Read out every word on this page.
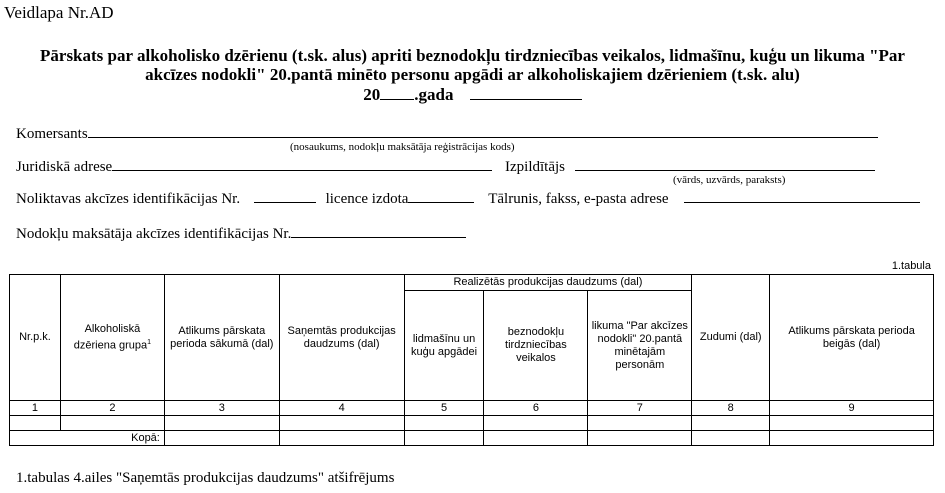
Veidlapa Nr.AD
Pārskats par alkoholisko dzērienu (t.sk. alus) apriti beznodokļu tirdzniecības veikalos, lidmašīnu, kuģu un likuma "Par
akcīzes nodokli" 20.pantā minēto personu apgādi ar alkoholiskajiem dzērieniem (t.sk. alu)
20 .gada
Komersants
(nosaukums, nodokļu maksātāja reģistrācijas kods)
Juridiskā adrese	Izpildītājs
(vārds, uzvārds, paraksts)
Noliktavas akcīzes identifikācijas Nr.	licence izdota	Tālrunis, fakss, e-pasta adrese
Nodokļu maksātāja akcīzes identifikācijas Nr.
1.tabula
Nr.p.k.	Alkoholiskā dzēriena grupa$^1$	Atlikums pārskata perioda sākumā (dal)	Saņemtās produkcijas daudzums (dal)	Realizētās produkcijas daudzums (dal)			Zudumi (dal)	Atlikums pārskata perioda beigās (dal)
				lidmašīnu un kuģu apgādei	beznodokļu tirdzniecības veikalos	likuma "Par akcīzes nodokli" 20.pantā minētajām personām		
1	2	3	4	5	6	7	8	9

Kopā:								
1.tabulas 4.ailes "Saņemtās produkcijas daudzums" atšifrējums
